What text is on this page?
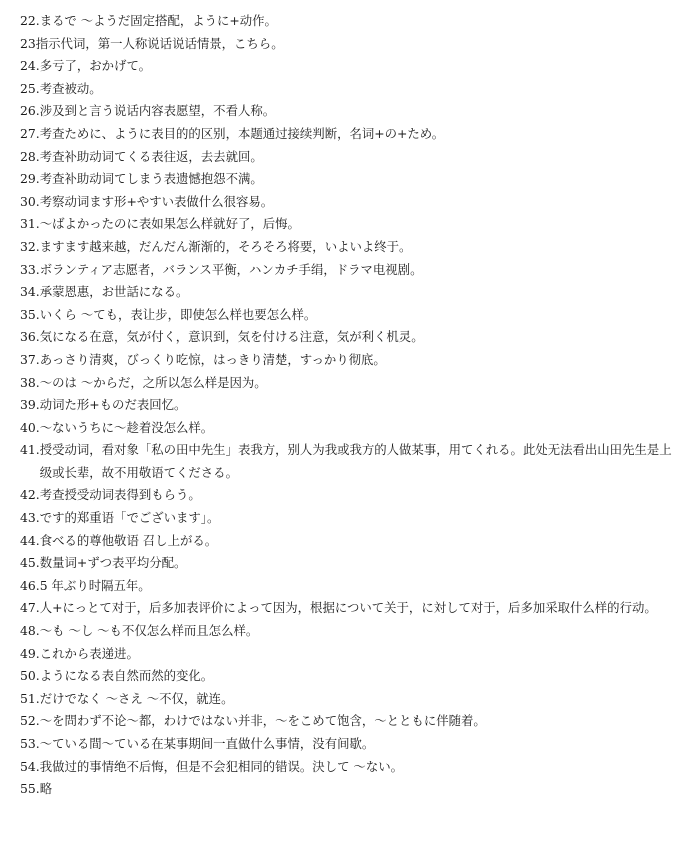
22. まるで ～ようだ固定搭配，ように+动作。
23 指示代词，第一人称说话说话情景，こちら。
24. 多亏了，おかげて。
25. 考查被动。
26. 涉及到と言う说话内容表愿望，不看人称。
27. 考查ために、ように表目的的区别，本题通过接续判断，名词+の+ため。
28. 考查补助动词てくる表往返，去去就回。
29. 考查补助动词てしまう表遗憾抱怨不满。
30. 考察动词ます形+やすい表做什么很容易。
31. ～ばよかったのに表如果怎么样就好了，后悔。
32. ますます越来越，だんだん渐渐的，そろそろ将要，いよいよ终于。
33. ボランティア志愿者，バランス平衡，ハンカチ手绢，ドラマ电视剧。
34. 承蒙恩惠，お世話になる。
35. いくら ～ても，表让步，即使怎么样也要怎么样。
36. 気になる在意，気が付く，意识到，気を付ける注意，気が利く机灵。
37. あっさり清爽，びっくり吃惊，はっきり清楚，すっかり彻底。
38. ～のは ～からだ，之所以怎么样是因为。
39. 动词た形+ものだ表回忆。
40. ～ないうちに～趁着没怎么样。
41. 授受动词，看对象「私の田中先生」表我方，别人为我或我方的人做某事，用てくれる。此处无法看出山田先生是上级或长辈，故不用敬语てくださる。
42. 考查授受动词表得到もらう。
43. です的郑重语「でございます」。
44. 食べる的尊他敬语 召し上がる。
45. 数量词+ずつ表平均分配。
46. 5 年ぶり时隔五年。
47. 人+にっとて对于，后多加表评价によって因为，根据について关于，に対して对于，后多加采取什么样的行动。
48. ～も ～し ～も不仅怎么样而且怎么样。
49. これから表递进。
50. ようになる表自然而然的变化。
51. だけでなく ～さえ ～不仅，就连。
52. ～を問わず不论～都，わけではない并非，～をこめて饱含，～とともに伴随着。
53. ～ている間～ている在某事期间一直做什么事情，没有间歇。
54. 我做过的事情绝不后悔，但是不会犯相同的错误。決して ～ない。
55. 略
